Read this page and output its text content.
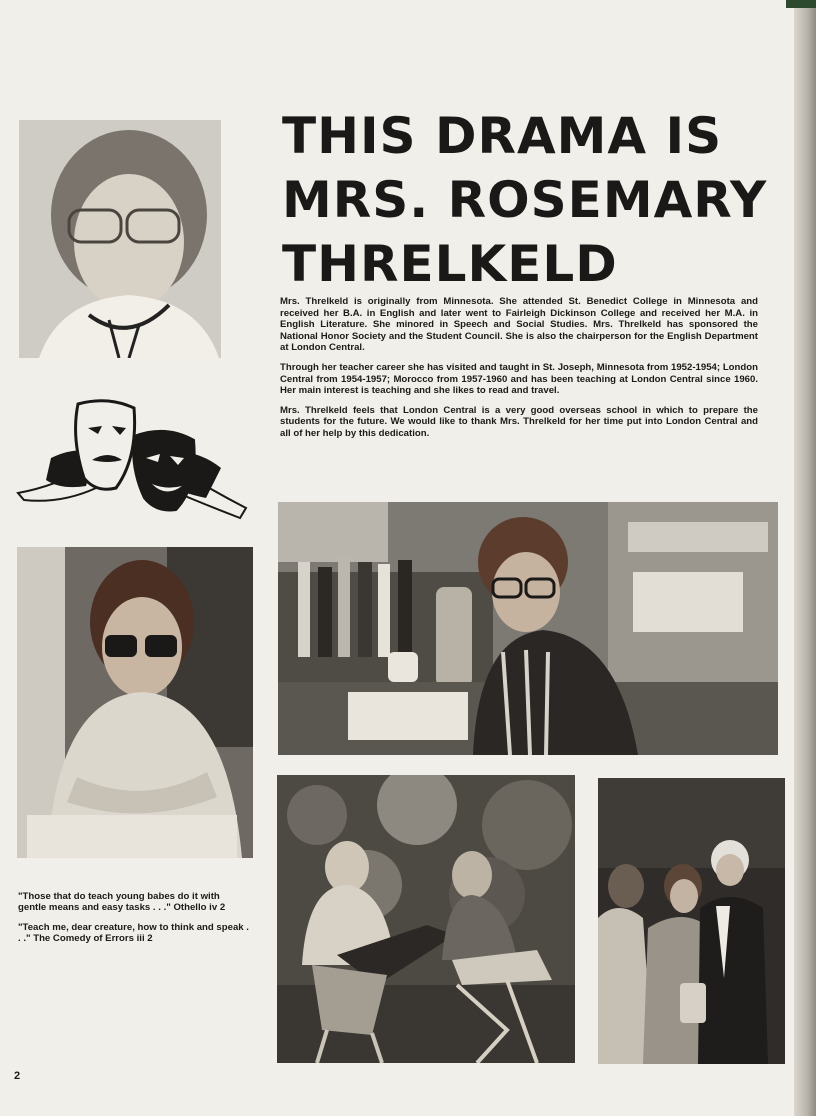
THIS DRAMA IS
MRS. ROSEMARY
THRELKELD

Mrs. Threlkeld is originally from Minnesota. She attended St. Benedict College in Minnesota and received her B.A. in English and later went to Fairleigh Dickinson College and received her M.A. in English Literature. She minored in Speech and Social Studies. Mrs. Threlkeld has sponsored the National Honor Society and the Student Council. She is also the chairperson for the English Department at London Central.

Through her teacher career she has visited and taught in St. Joseph, Minnesota from 1952-1954; London Central from 1954-1957; Morocco from 1957-1960 and has been teaching at London Central since 1960. Her main interest is teaching and she likes to read and travel.

Mrs. Threlkeld feels that London Central is a very good overseas school in which to prepare the students for the future. We would like to thank Mrs. Threlkeld for her time put into London Central and all of her help by this dedication.

"Those that do teach young babes do it with gentle means and easy tasks . . ." Othello iv 2

"Teach me, dear creature, how to think and speak . . ." The Comedy of Errors iii 2

2
